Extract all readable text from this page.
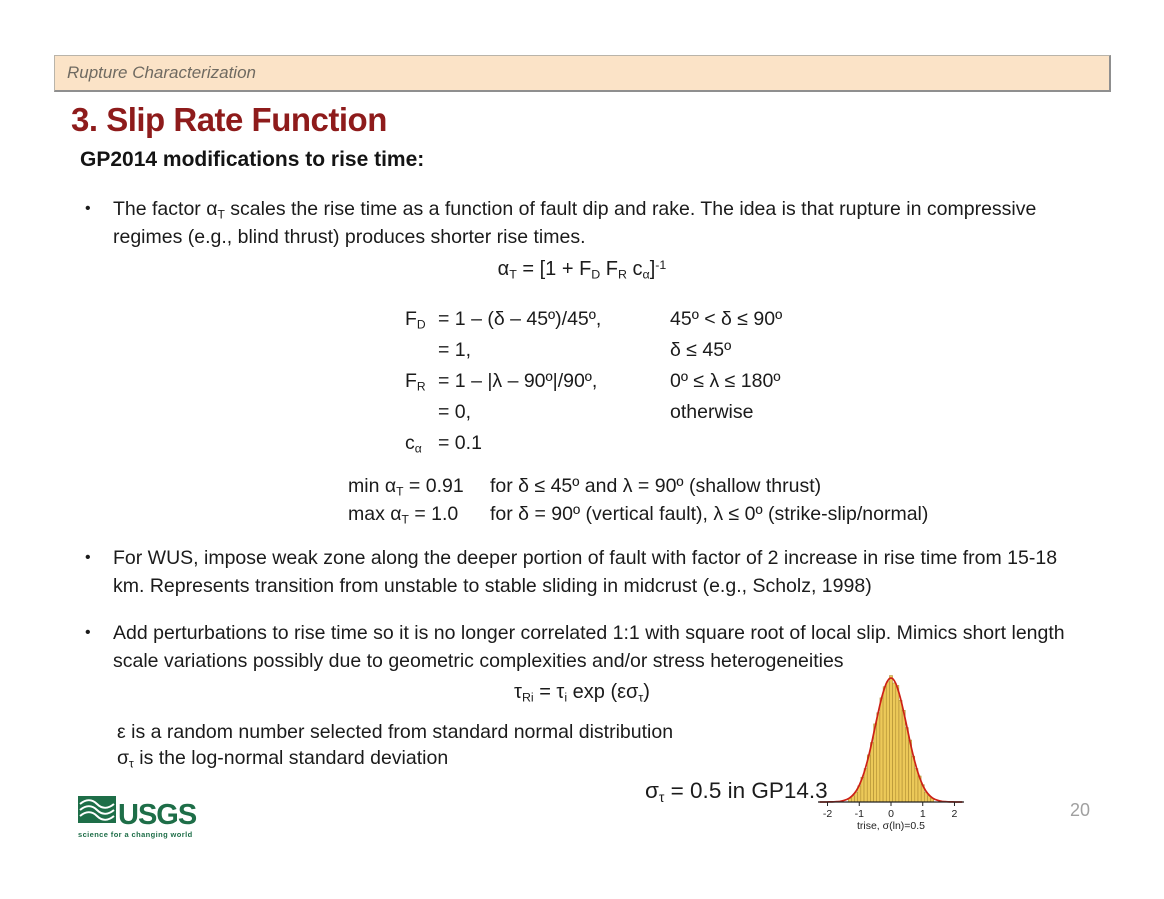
Rupture Characterization
3. Slip Rate Function
GP2014 modifications to rise time:
•	The factor $\alpha_T$ scales the rise time as a function of fault dip and rake. The idea is that rupture in compressive regimes (e.g., blind thrust) produces shorter rise times.
$\alpha_T = [1 + F_D$ $F_R$ $c_\alpha]^{-1}$
$F_D = 1 - (\delta$ – 45º)/45º,	45º < δ ≤ 90º
= 1,	δ ≤ 45º
$F_R = 1 - |\lambda$ – 90º|/90º,	0º ≤ λ ≤ 180º
= 0,	otherwise
$c_\alpha = 0.1$
$\min \alpha_T = 0.91$	for δ ≤ 45º and λ = 90º (shallow thrust)
$\max \alpha_T = 1.0$	for δ = 90º (vertical fault), λ ≤ 0º (strike-slip/normal)
•	For WUS, impose weak zone along the deeper portion of fault with factor of 2 increase in rise time from 15-18 km. Represents transition from unstable to stable sliding in midcrust (e.g., Scholz, 1998)
•	Add perturbations to rise time so it is no longer correlated 1:1 with square root of local slip. Mimics short length scale variations possibly due to geometric complexities and/or stress heterogeneities
$\tau_{Ri} = \tau_i$ $\exp (\varepsilon\sigma_\tau)$
ε is a random number selected from standard normal distribution
$\sigma_\tau$ is the log-normal standard deviation
$\sigma_\tau = 0.5$ in GP14.3
-2 -1 0 1 2
trise, σ(ln)=0.5
USGS
science for a changing world
20
